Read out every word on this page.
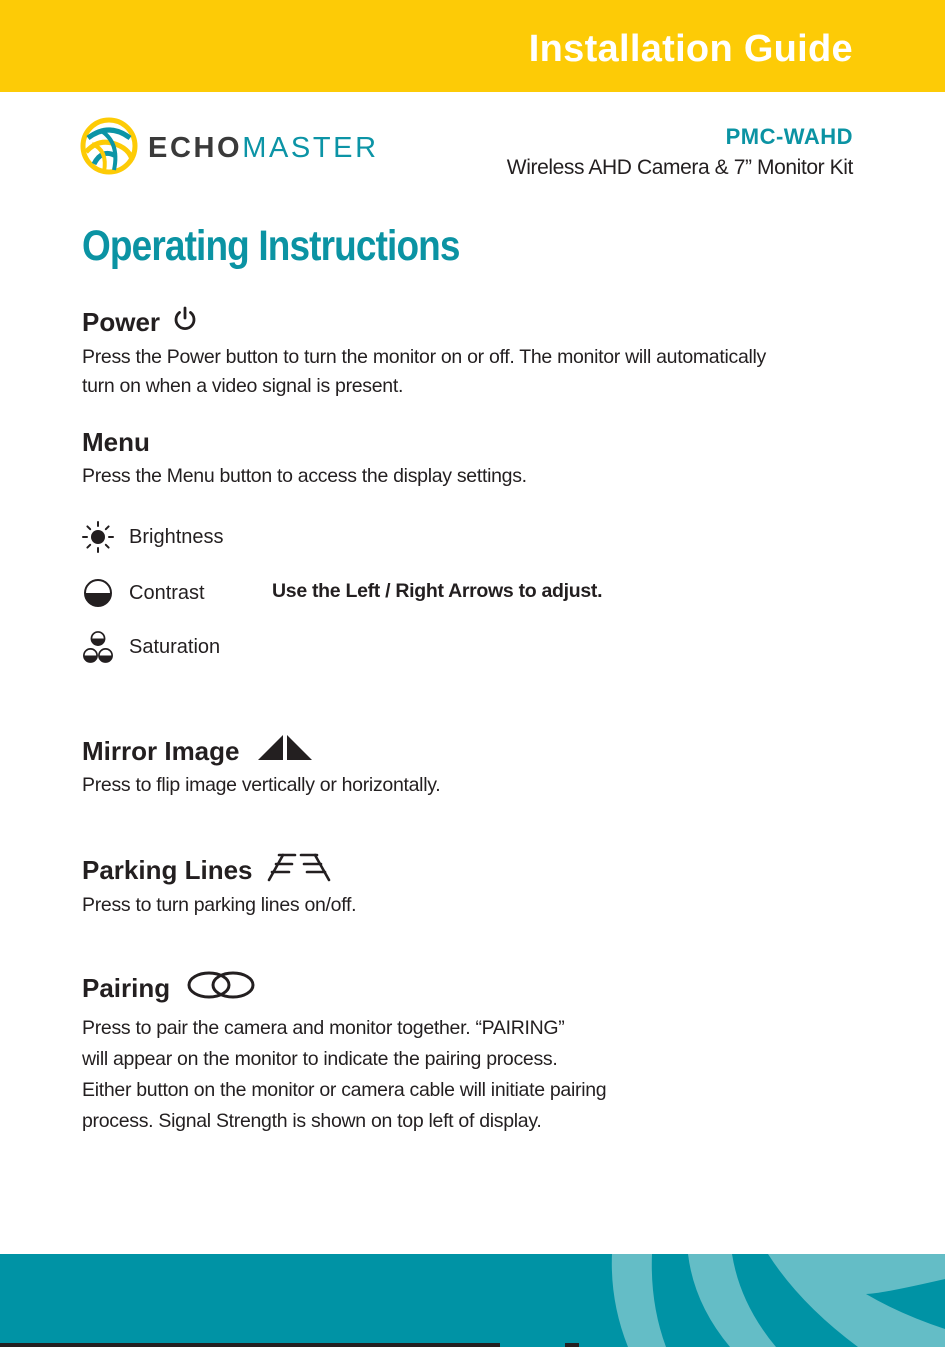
Installation Guide
ECHOMASTER	PMC-WAHD
Wireless AHD Camera & 7” Monitor Kit
Operating Instructions
Power

Press the Power button to turn the monitor on or off. The monitor will automatically

turn on when a video signal is present.

Menu

Press the Menu button to access the display settings.

Brightness
Contrast	Use the Left / Right Arrows to adjust.
Saturation
Mirror Image

Press to flip image vertically or horizontally.

Parking Lines

Press to turn parking lines on/off.

Pairing

Press to pair the camera and monitor together. “PAIRING”

will appear on the monitor to indicate the pairing process.

Either button on the monitor or camera cable will initiate pairing

process. Signal Strength is shown on top left of display.
